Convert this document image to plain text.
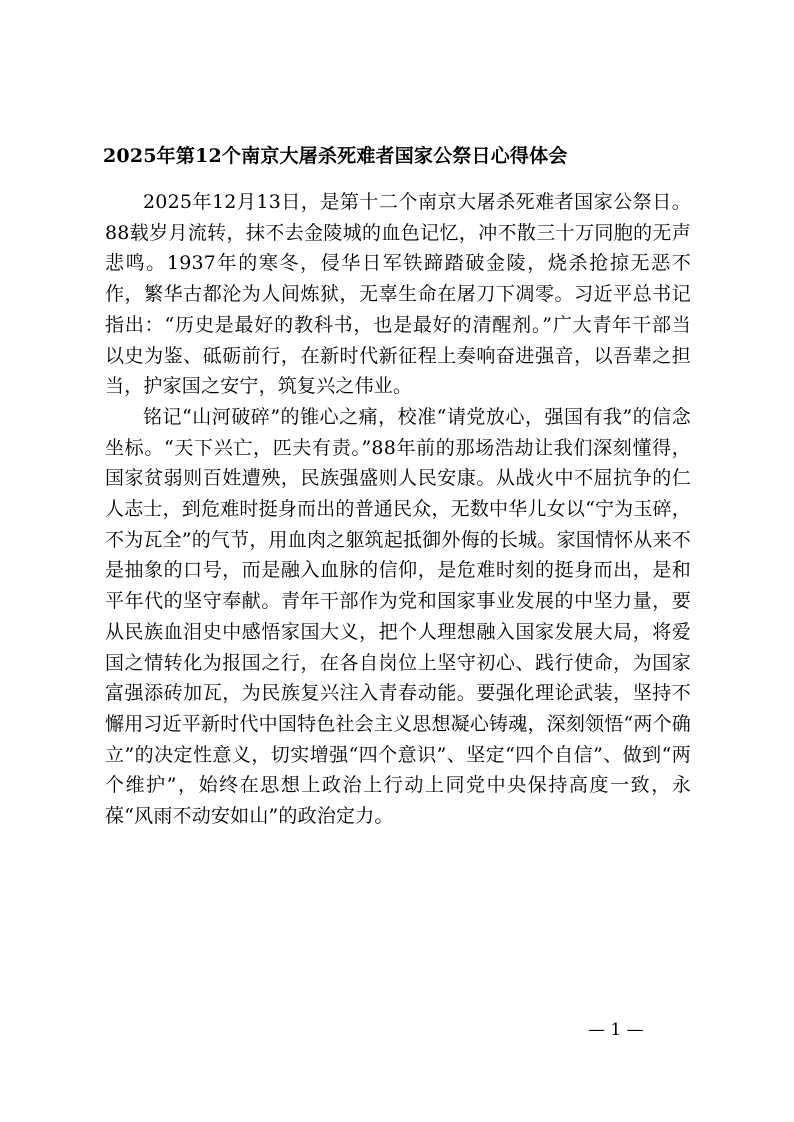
2025年第12个南京大屠杀死难者国家公祭日心得体会

2025年12月13日，是第十二个南京大屠杀死难者国家公祭日。88载岁月流转，抹不去金陵城的血色记忆，冲不散三十万同胞的无声悲鸣。1937年的寒冬，侵华日军铁蹄踏破金陵，烧杀抢掠无恶不作，繁华古都沦为人间炼狱，无辜生命在屠刀下凋零。习近平总书记指出：“历史是最好的教科书，也是最好的清醒剂。”广大青年干部当以史为鉴、砥砺前行，在新时代新征程上奏响奋进强音，以吾辈之担当，护家国之安宁，筑复兴之伟业。

铭记“山河破碎”的锥心之痛，校准“请党放心，强国有我”的信念坐标。“天下兴亡，匹夫有责。”88年前的那场浩劫让我们深刻懂得，国家贫弱则百姓遭殃，民族强盛则人民安康。从战火中不屈抗争的仁人志士，到危难时挺身而出的普通民众，无数中华儿女以“宁为玉碎，不为瓦全”的气节，用血肉之躯筑起抵御外侮的长城。家国情怀从来不是抽象的口号，而是融入血脉的信仰，是危难时刻的挺身而出，是和平年代的坚守奉献。青年干部作为党和国家事业发展的中坚力量，要从民族血泪史中感悟家国大义，把个人理想融入国家发展大局，将爱国之情转化为报国之行，在各自岗位上坚守初心、践行使命，为国家富强添砖加瓦，为民族复兴注入青春动能。要强化理论武装，坚持不懈用习近平新时代中国特色社会主义思想凝心铸魂，深刻领悟“两个确立”的决定性意义，切实增强“四个意识”、坚定“四个自信”、做到“两个维护”，始终在思想上政治上行动上同党中央保持高度一致，永葆“风雨不动安如山”的政治定力。

— 1 —
